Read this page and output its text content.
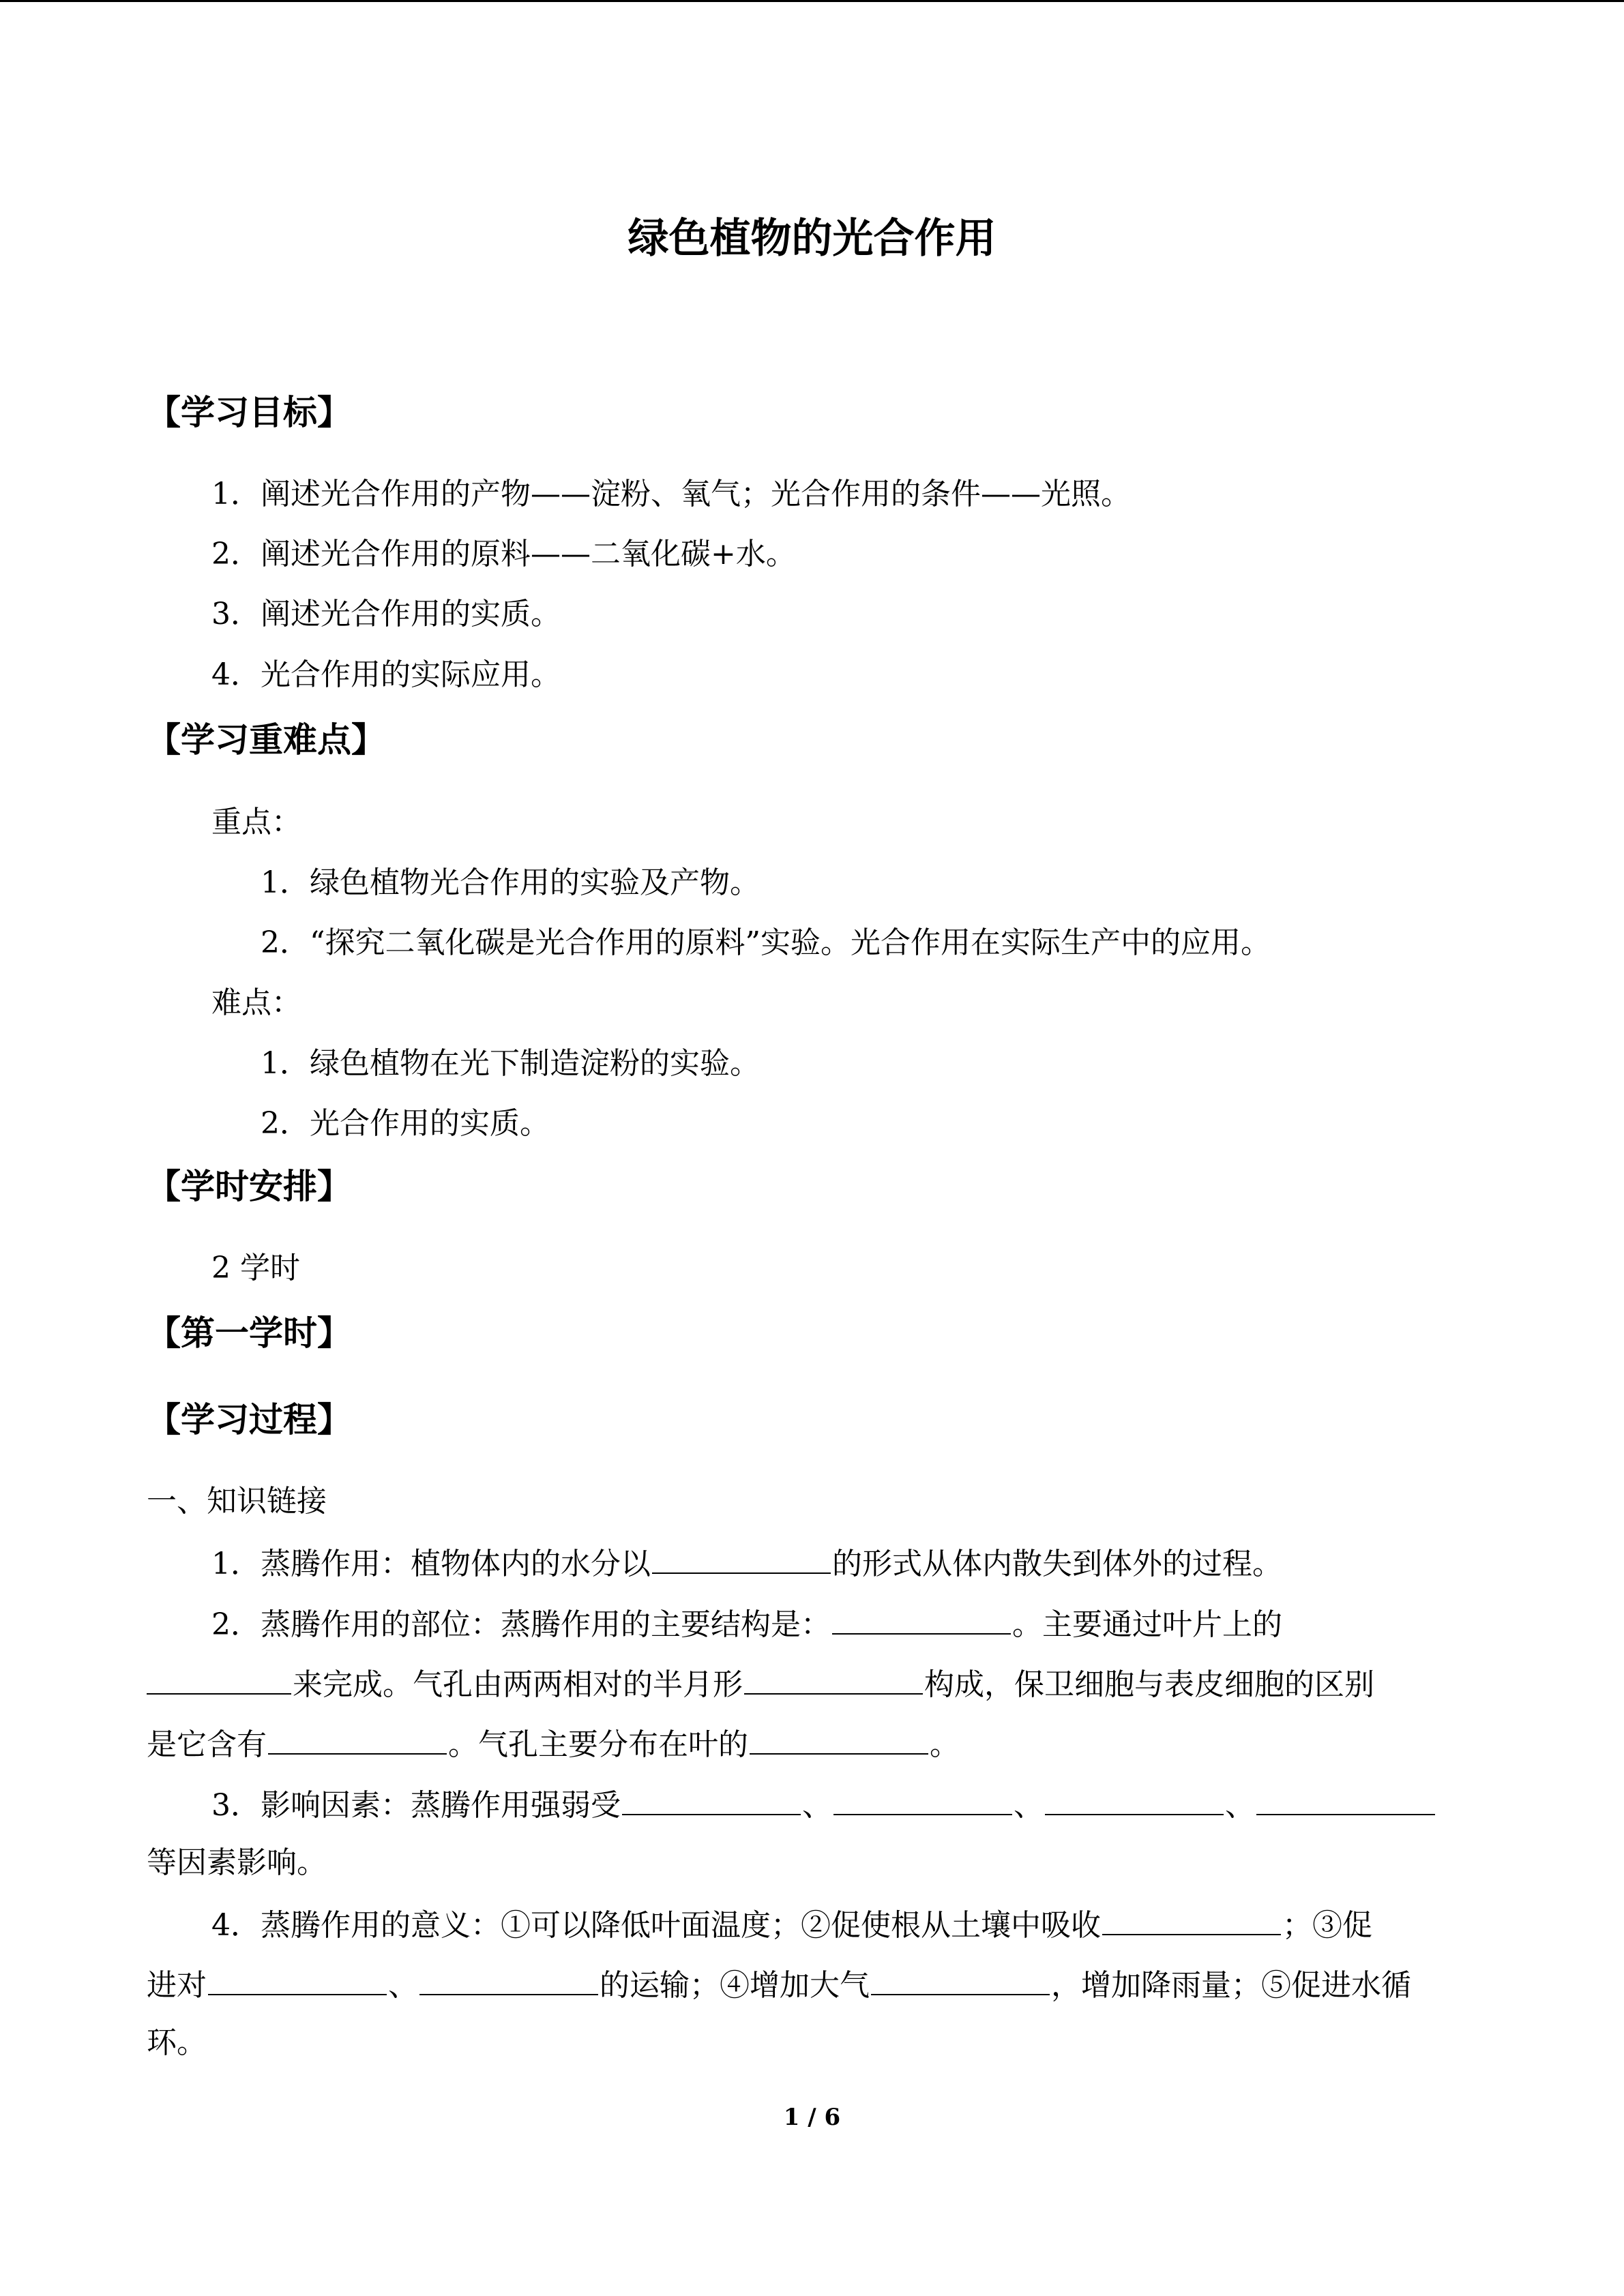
绿色植物的光合作用
【学习目标】
1．阐述光合作用的产物——淀粉、氧气；光合作用的条件——光照。
2．阐述光合作用的原料——二氧化碳+水。
3．阐述光合作用的实质。
4．光合作用的实际应用。
【学习重难点】
重点：
1．绿色植物光合作用的实验及产物。
2．“探究二氧化碳是光合作用的原料”实验。光合作用在实际生产中的应用。
难点：
1．绿色植物在光下制造淀粉的实验。
2．光合作用的实质。
【学时安排】
2 学时
【第一学时】
【学习过程】
一、知识链接
1．蒸腾作用：植物体内的水分以	的形式从体内散失到体外的过程。
2．蒸腾作用的部位：蒸腾作用的主要结构是：	。主要通过叶片上的
来完成。气孔由两两相对的半月形	构成，保卫细胞与表皮细胞的区别
是它含有	。气孔主要分布在叶的	。
3．影响因素：蒸腾作用强弱受	、	、	、
等因素影响。
4．蒸腾作用的意义：①可以降低叶面温度；②促使根从土壤中吸收	；③促
进对	、	的运输；④增加大气	，增加降雨量；⑤促进水循
环。
1 / 6
